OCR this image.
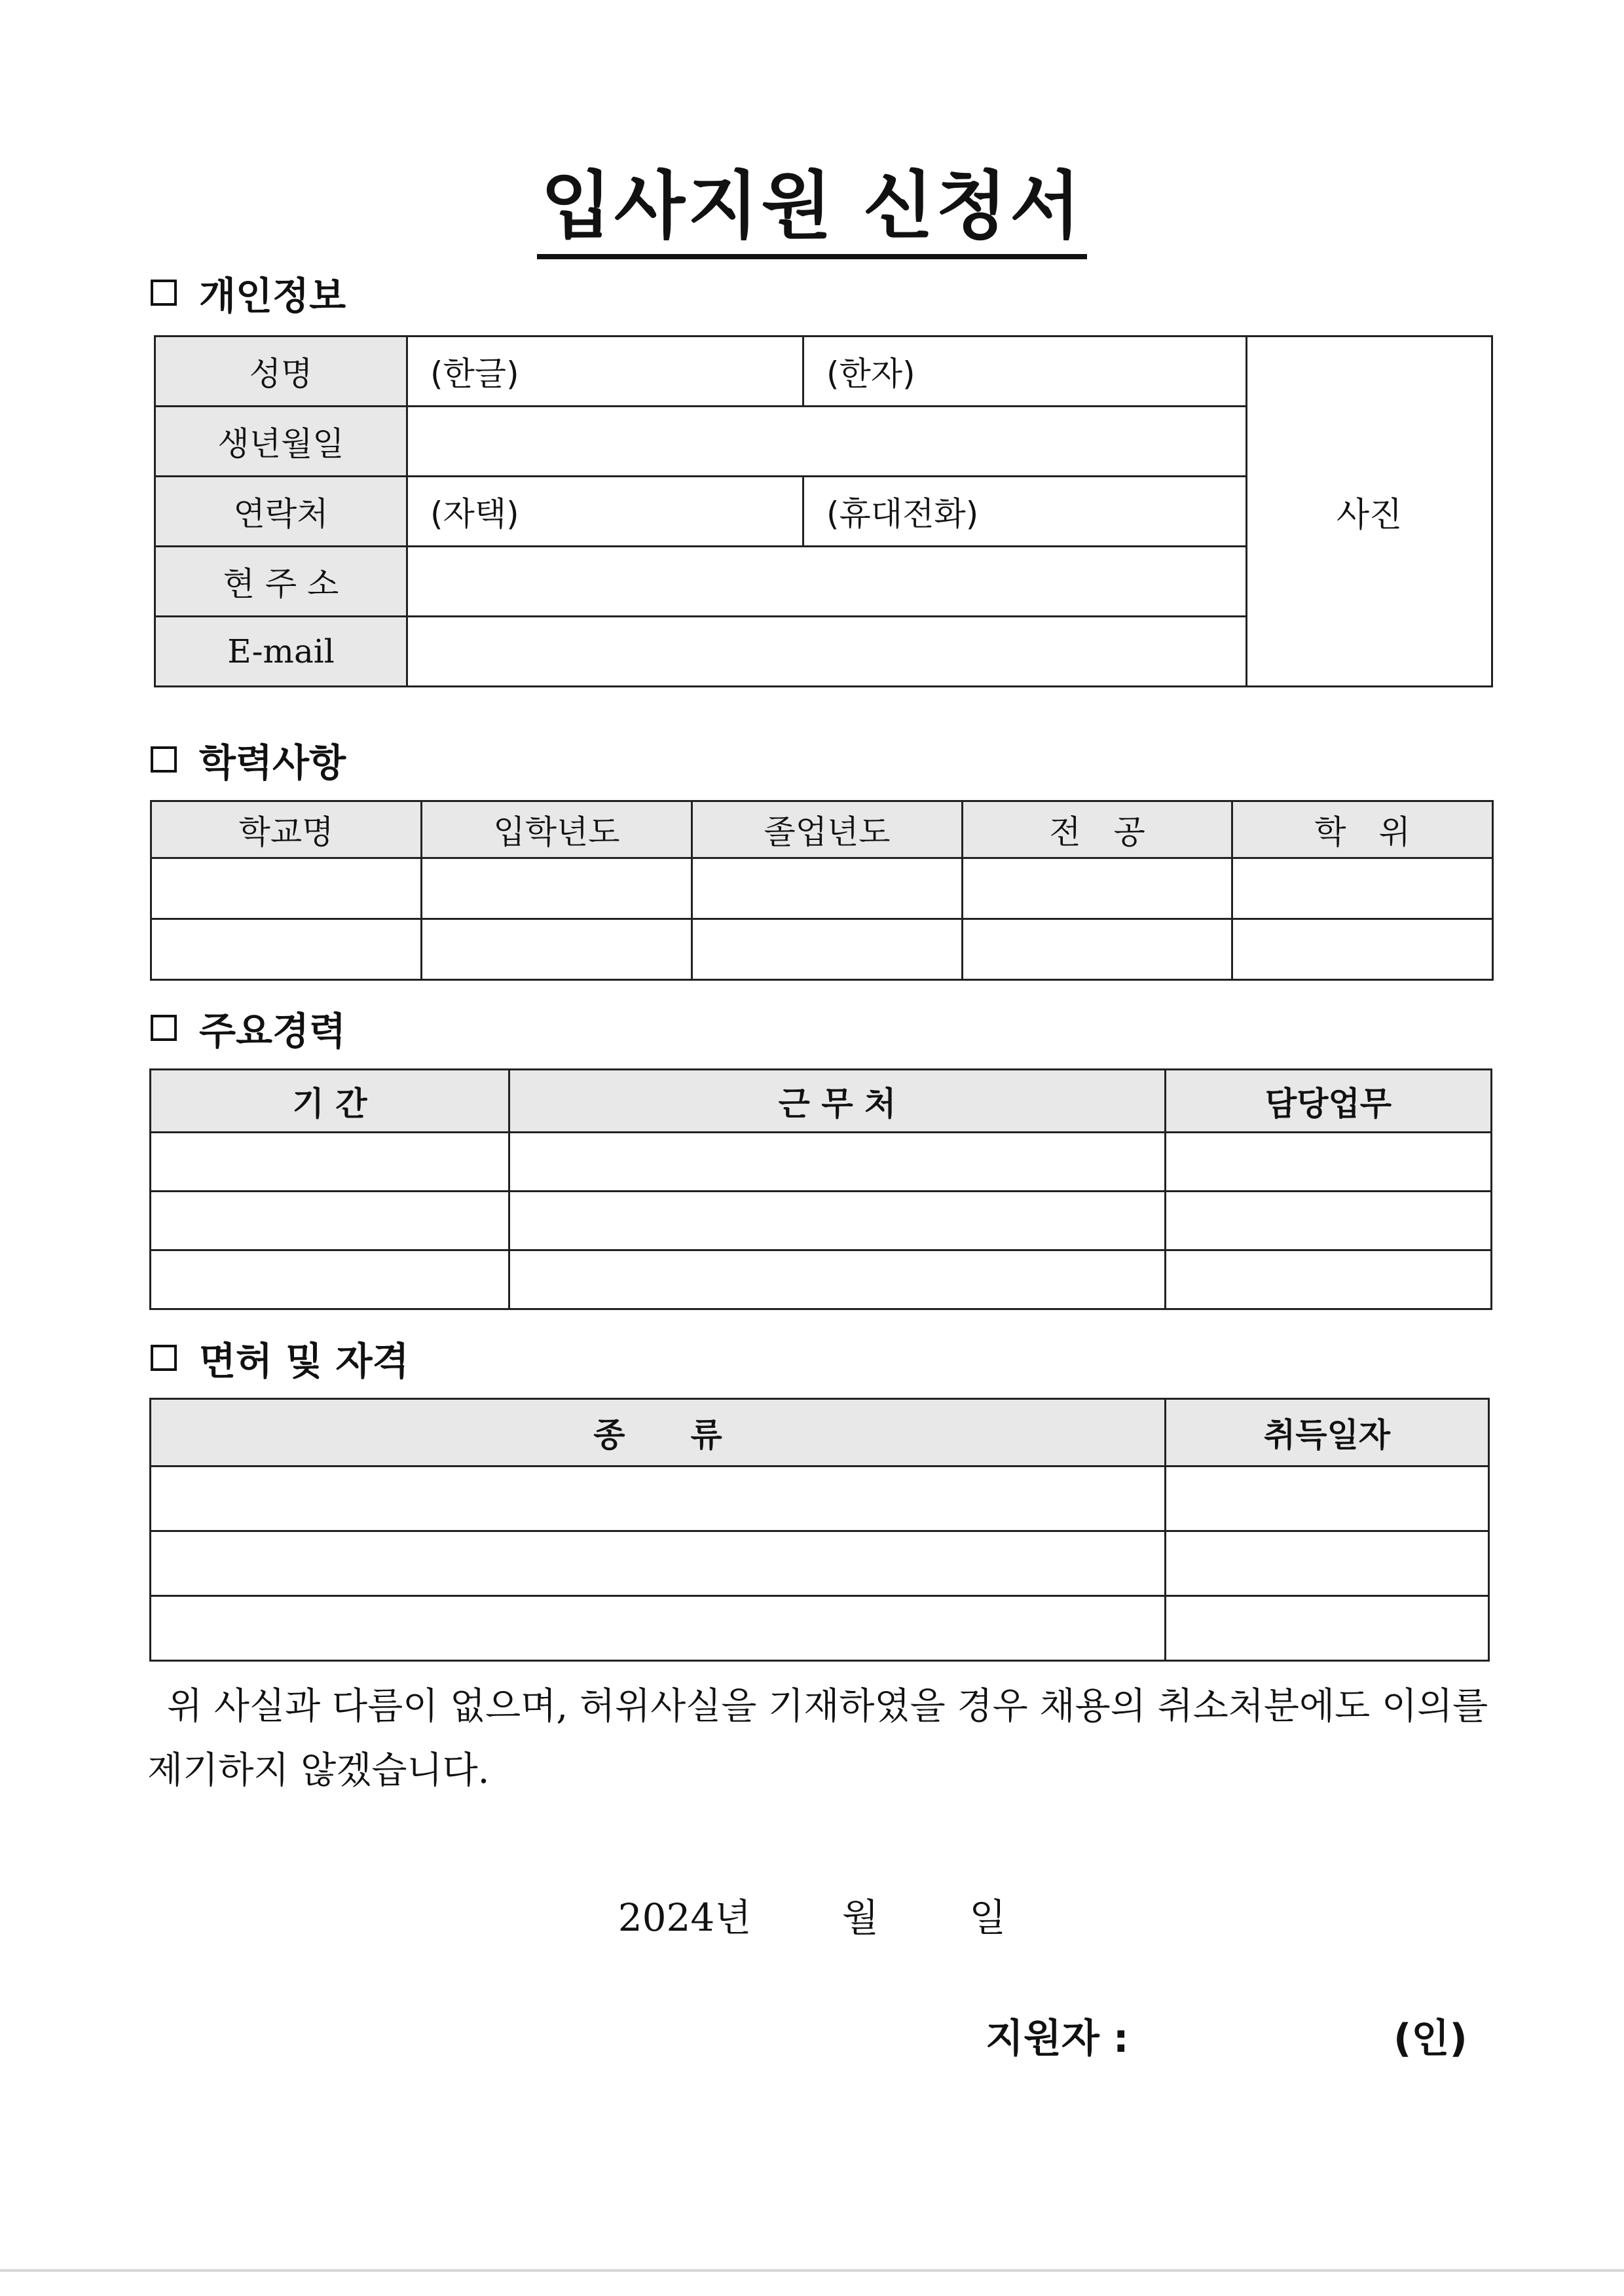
입사지원 신청서
개인정보
성명	(한글)	(한자)	사진
생년월일			
연락처	(자택)	(휴대전화)	
현 주 소			
E-mail			
학력사항
학교명	입학년도	졸업년도	전　공	학　위

주요경력
기 간	근 무 처	담당업무

면허 및 자격
종　　류	취득일자

위 사실과 다름이 없으며, 허위사실을 기재하였을 경우 채용의 취소처분에도 이의를 제기하지 않겠습니다.
2024년 월 일
지원자 :	(인)
